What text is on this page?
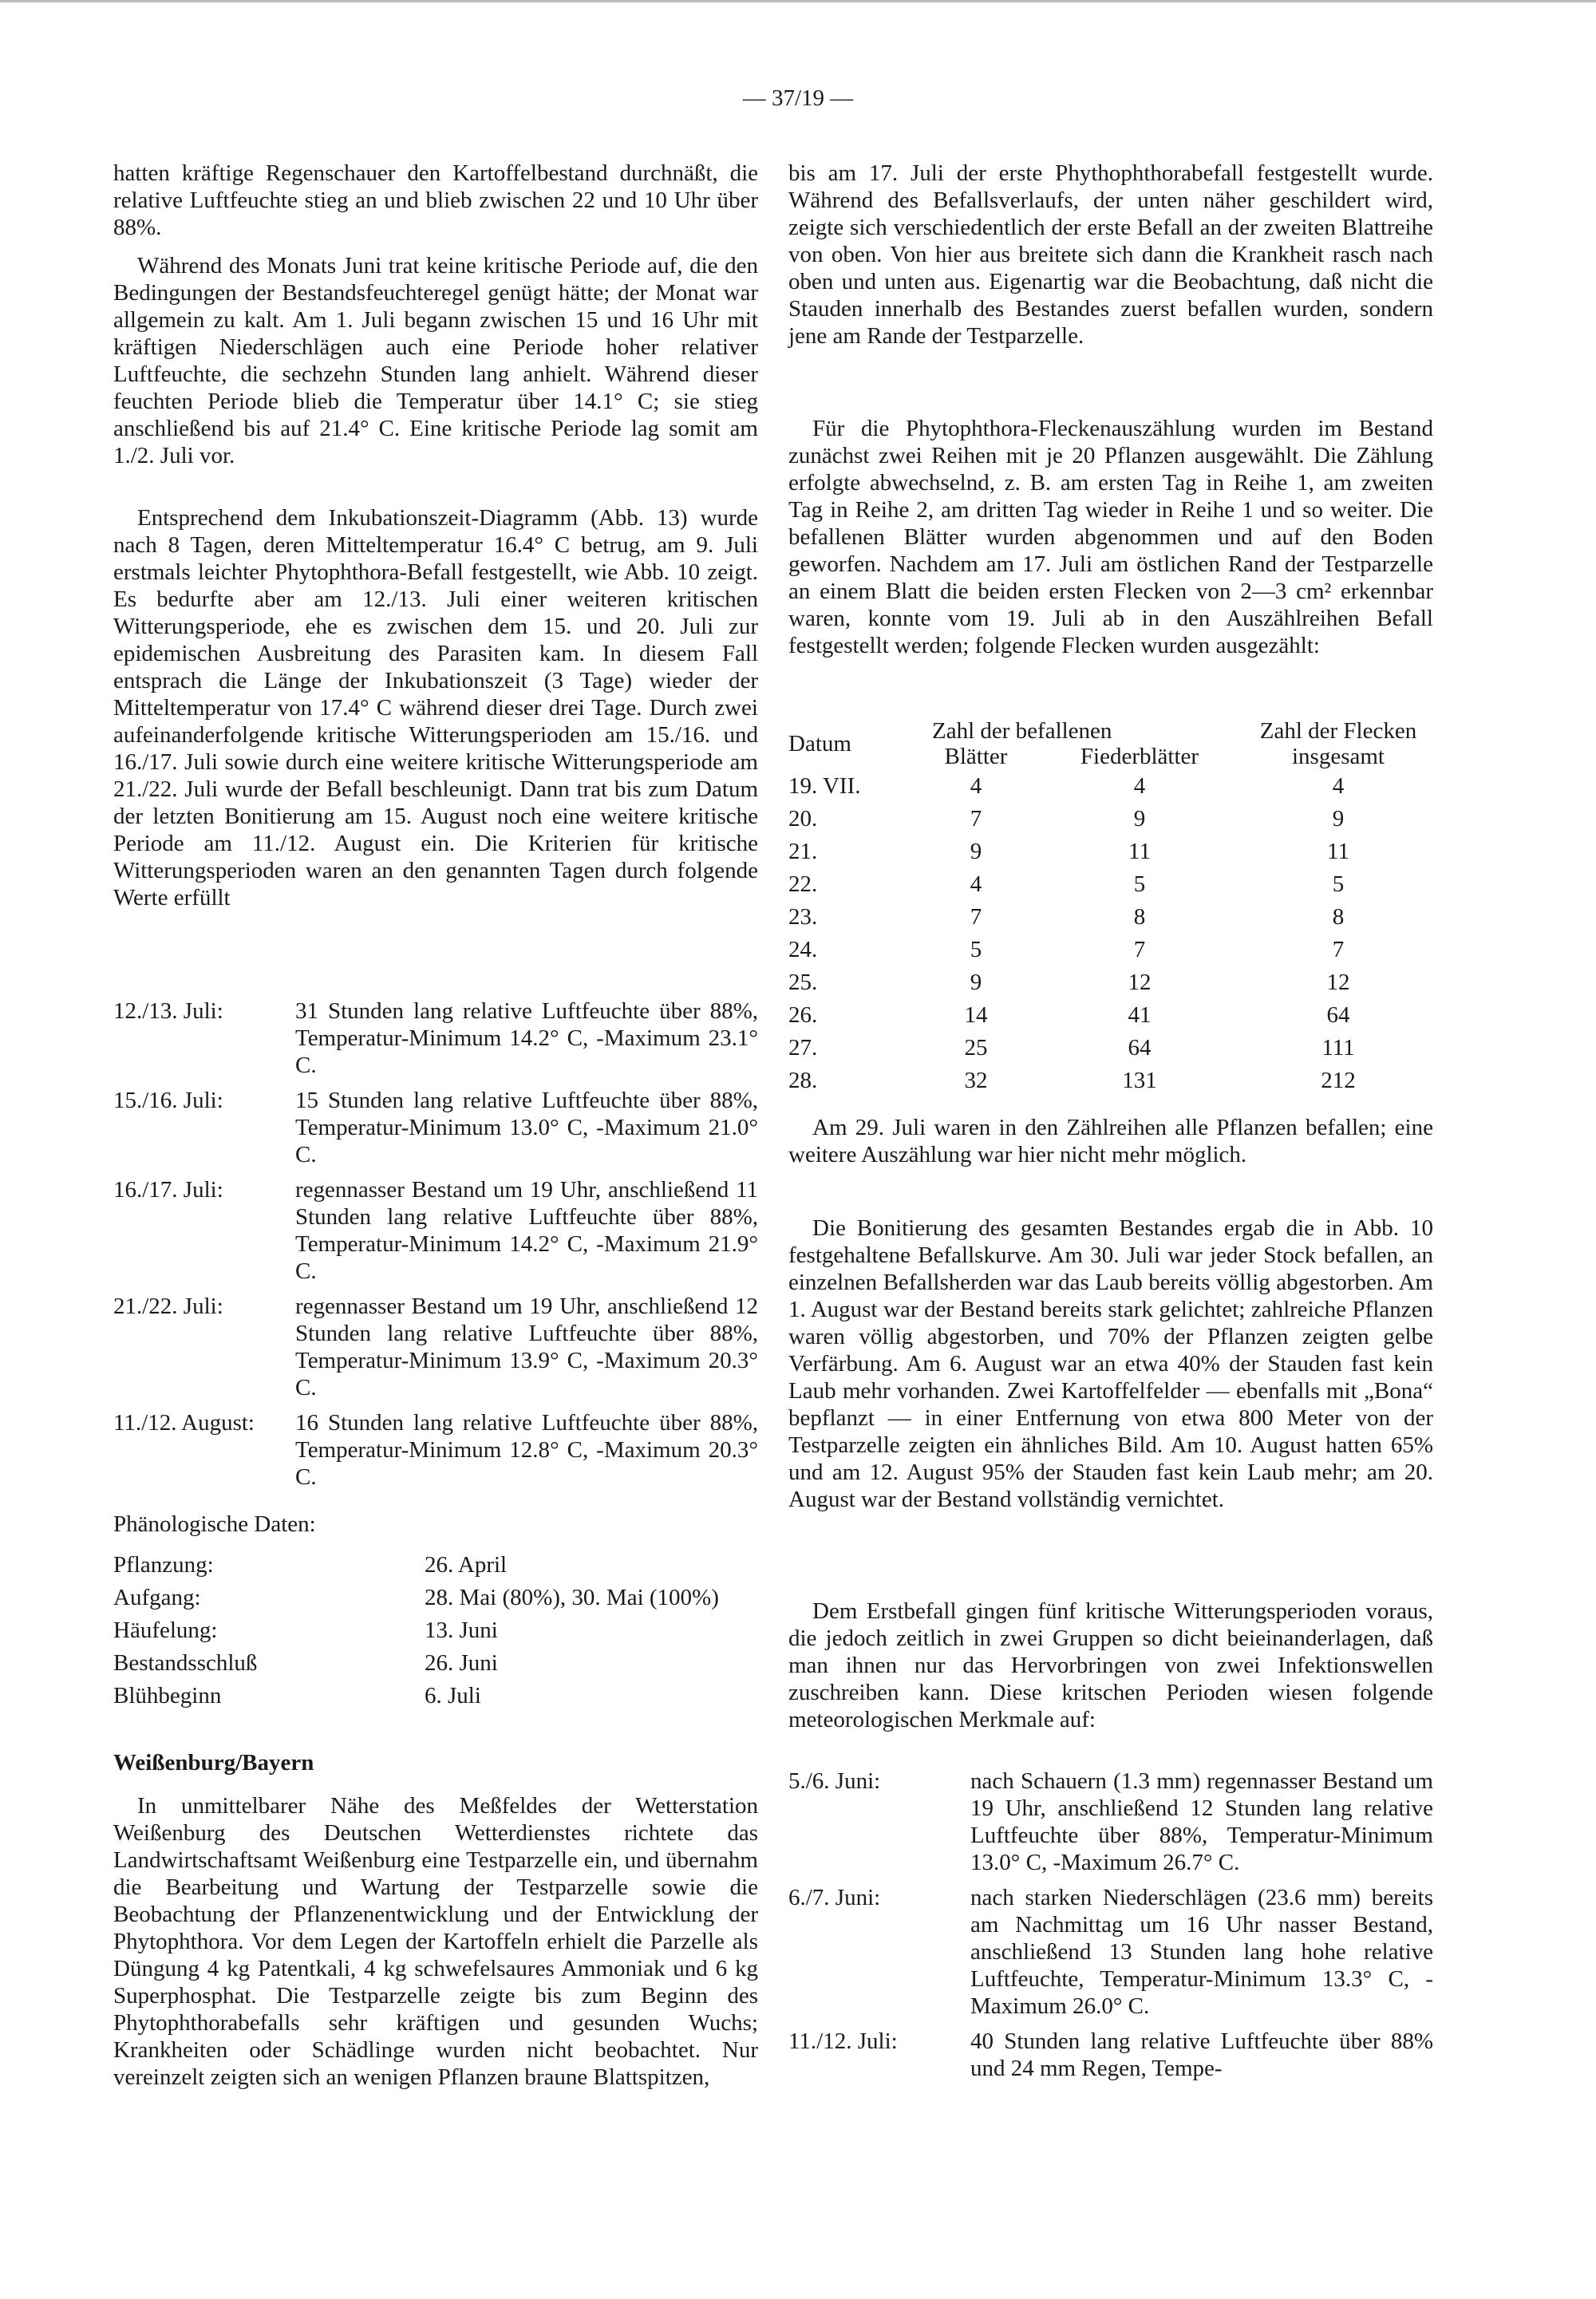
— 37/19 —

hatten kräftige Regenschauer den Kartoffelbestand durchnäßt, die relative Luftfeuchte stieg an und blieb zwischen 22 und 10 Uhr über 88%.

Während des Monats Juni trat keine kritische Periode auf, die den Bedingungen der Bestandsfeuchteregel genügt hätte; der Monat war allgemein zu kalt. Am 1. Juli begann zwischen 15 und 16 Uhr mit kräftigen Niederschlägen auch eine Periode hoher relativer Luftfeuchte, die sechzehn Stunden lang anhielt. Während dieser feuchten Periode blieb die Temperatur über 14.1° C; sie stieg anschließend bis auf 21.4° C. Eine kritische Periode lag somit am 1./2. Juli vor.

Entsprechend dem Inkubationszeit-Diagramm (Abb. 13) wurde nach 8 Tagen, deren Mitteltemperatur 16.4° C betrug, am 9. Juli erstmals leichter Phytophthora-Befall festgestellt, wie Abb. 10 zeigt. Es bedurfte aber am 12./13. Juli einer weiteren kritischen Witterungsperiode, ehe es zwischen dem 15. und 20. Juli zur epidemischen Ausbreitung des Parasiten kam. In diesem Fall entsprach die Länge der Inkubationszeit (3 Tage) wieder der Mitteltemperatur von 17.4° C während dieser drei Tage. Durch zwei aufeinanderfolgende kritische Witterungsperioden am 15./16. und 16./17. Juli sowie durch eine weitere kritische Witterungsperiode am 21./22. Juli wurde der Befall beschleunigt. Dann trat bis zum Datum der letzten Bonitierung am 15. August noch eine weitere kritische Periode am 11./12. August ein. Die Kriterien für kritische Witterungsperioden waren an den genannten Tagen durch folgende Werte erfüllt

12./13. Juli:	31 Stunden lang relative Luftfeuchte über 88%, Temperatur-Minimum 14.2° C, -Maximum 23.1° C.
15./16. Juli:	15 Stunden lang relative Luftfeuchte über 88%, Temperatur-Minimum 13.0° C, -Maximum 21.0° C.
16./17. Juli:	regennasser Bestand um 19 Uhr, anschließend 11 Stunden lang relative Luftfeuchte über 88%, Temperatur-Minimum 14.2° C, -Maximum 21.9° C.
21./22. Juli:	regennasser Bestand um 19 Uhr, anschließend 12 Stunden lang relative Luftfeuchte über 88%, Temperatur-Minimum 13.9° C, -Maximum 20.3° C.
11./12. August:	16 Stunden lang relative Luftfeuchte über 88%, Temperatur-Minimum 12.8° C, -Maximum 20.3° C.
Phänologische Daten:
Pflanzung:	26. April
Aufgang:	28. Mai (80%), 30. Mai (100%)
Häufelung:	13. Juni
Bestandsschluß	26. Juni
Blühbeginn	6. Juli
Weißenburg/Bayern

In unmittelbarer Nähe des Meßfeldes der Wetterstation Weißenburg des Deutschen Wetterdienstes richtete das Landwirtschaftsamt Weißenburg eine Testparzelle ein, und übernahm die Bearbeitung und Wartung der Testparzelle sowie die Beobachtung der Pflanzenentwicklung und der Entwicklung der Phytophthora. Vor dem Legen der Kartoffeln erhielt die Parzelle als Düngung 4 kg Patentkali, 4 kg schwefelsaures Ammoniak und 6 kg Superphosphat. Die Testparzelle zeigte bis zum Beginn des Phytophthorabefalls sehr kräftigen und gesunden Wuchs; Krankheiten oder Schädlinge wurden nicht beobachtet. Nur vereinzelt zeigten sich an wenigen Pflanzen braune Blattspitzen,

bis am 17. Juli der erste Phythophthorabefall festgestellt wurde. Während des Befallsverlaufs, der unten näher geschildert wird, zeigte sich verschiedentlich der erste Befall an der zweiten Blattreihe von oben. Von hier aus breitete sich dann die Krankheit rasch nach oben und unten aus. Eigenartig war die Beobachtung, daß nicht die Stauden innerhalb des Bestandes zuerst befallen wurden, sondern jene am Rande der Testparzelle.

Für die Phytophthora-Fleckenauszählung wurden im Bestand zunächst zwei Reihen mit je 20 Pflanzen ausgewählt. Die Zählung erfolgte abwechselnd, z. B. am ersten Tag in Reihe 1, am zweiten Tag in Reihe 2, am dritten Tag wieder in Reihe 1 und so weiter. Die befallenen Blätter wurden abgenommen und auf den Boden geworfen. Nachdem am 17. Juli am östlichen Rand der Testparzelle an einem Blatt die beiden ersten Flecken von 2—3 cm² erkennbar waren, konnte vom 19. Juli ab in den Auszählreihen Befall festgestellt werden; folgende Flecken wurden ausgezählt:

Datum	Zahl der befallenen		Zahl der Flecken
	Blätter	Fiederblätter	insgesamt
19. VII.	4	4	4
20.	7	9	9
21.	9	11	11
22.	4	5	5
23.	7	8	8
24.	5	7	7
25.	9	12	12
26.	14	41	64
27.	25	64	111
28.	32	131	212

Am 29. Juli waren in den Zählreihen alle Pflanzen befallen; eine weitere Auszählung war hier nicht mehr möglich.

Die Bonitierung des gesamten Bestandes ergab die in Abb. 10 festgehaltene Befallskurve. Am 30. Juli war jeder Stock befallen, an einzelnen Befallsherden war das Laub bereits völlig abgestorben. Am 1. August war der Bestand bereits stark gelichtet; zahlreiche Pflanzen waren völlig abgestorben, und 70% der Pflanzen zeigten gelbe Verfärbung. Am 6. August war an etwa 40% der Stauden fast kein Laub mehr vorhanden. Zwei Kartoffelfelder — ebenfalls mit „Bona“ bepflanzt — in einer Entfernung von etwa 800 Meter von der Testparzelle zeigten ein ähnliches Bild. Am 10. August hatten 65% und am 12. August 95% der Stauden fast kein Laub mehr; am 20. August war der Bestand vollständig vernichtet.

Dem Erstbefall gingen fünf kritische Witterungsperioden voraus, die jedoch zeitlich in zwei Gruppen so dicht beieinanderlagen, daß man ihnen nur das Hervorbringen von zwei Infektionswellen zuschreiben kann. Diese kritschen Perioden wiesen folgende meteorologischen Merkmale auf:

5./6. Juni:	nach Schauern (1.3 mm) regennasser Bestand um 19 Uhr, anschließend 12 Stunden lang relative Luftfeuchte über 88%, Temperatur-Minimum 13.0° C, -Maximum 26.7° C.
6./7. Juni:	nach starken Niederschlägen (23.6 mm) bereits am Nachmittag um 16 Uhr nasser Bestand, anschließend 13 Stunden lang hohe relative Luftfeuchte, Temperatur-Minimum 13.3° C, -Maximum 26.0° C.
11./12. Juli:	40 Stunden lang relative Luftfeuchte über 88% und 24 mm Regen, Tempe-
